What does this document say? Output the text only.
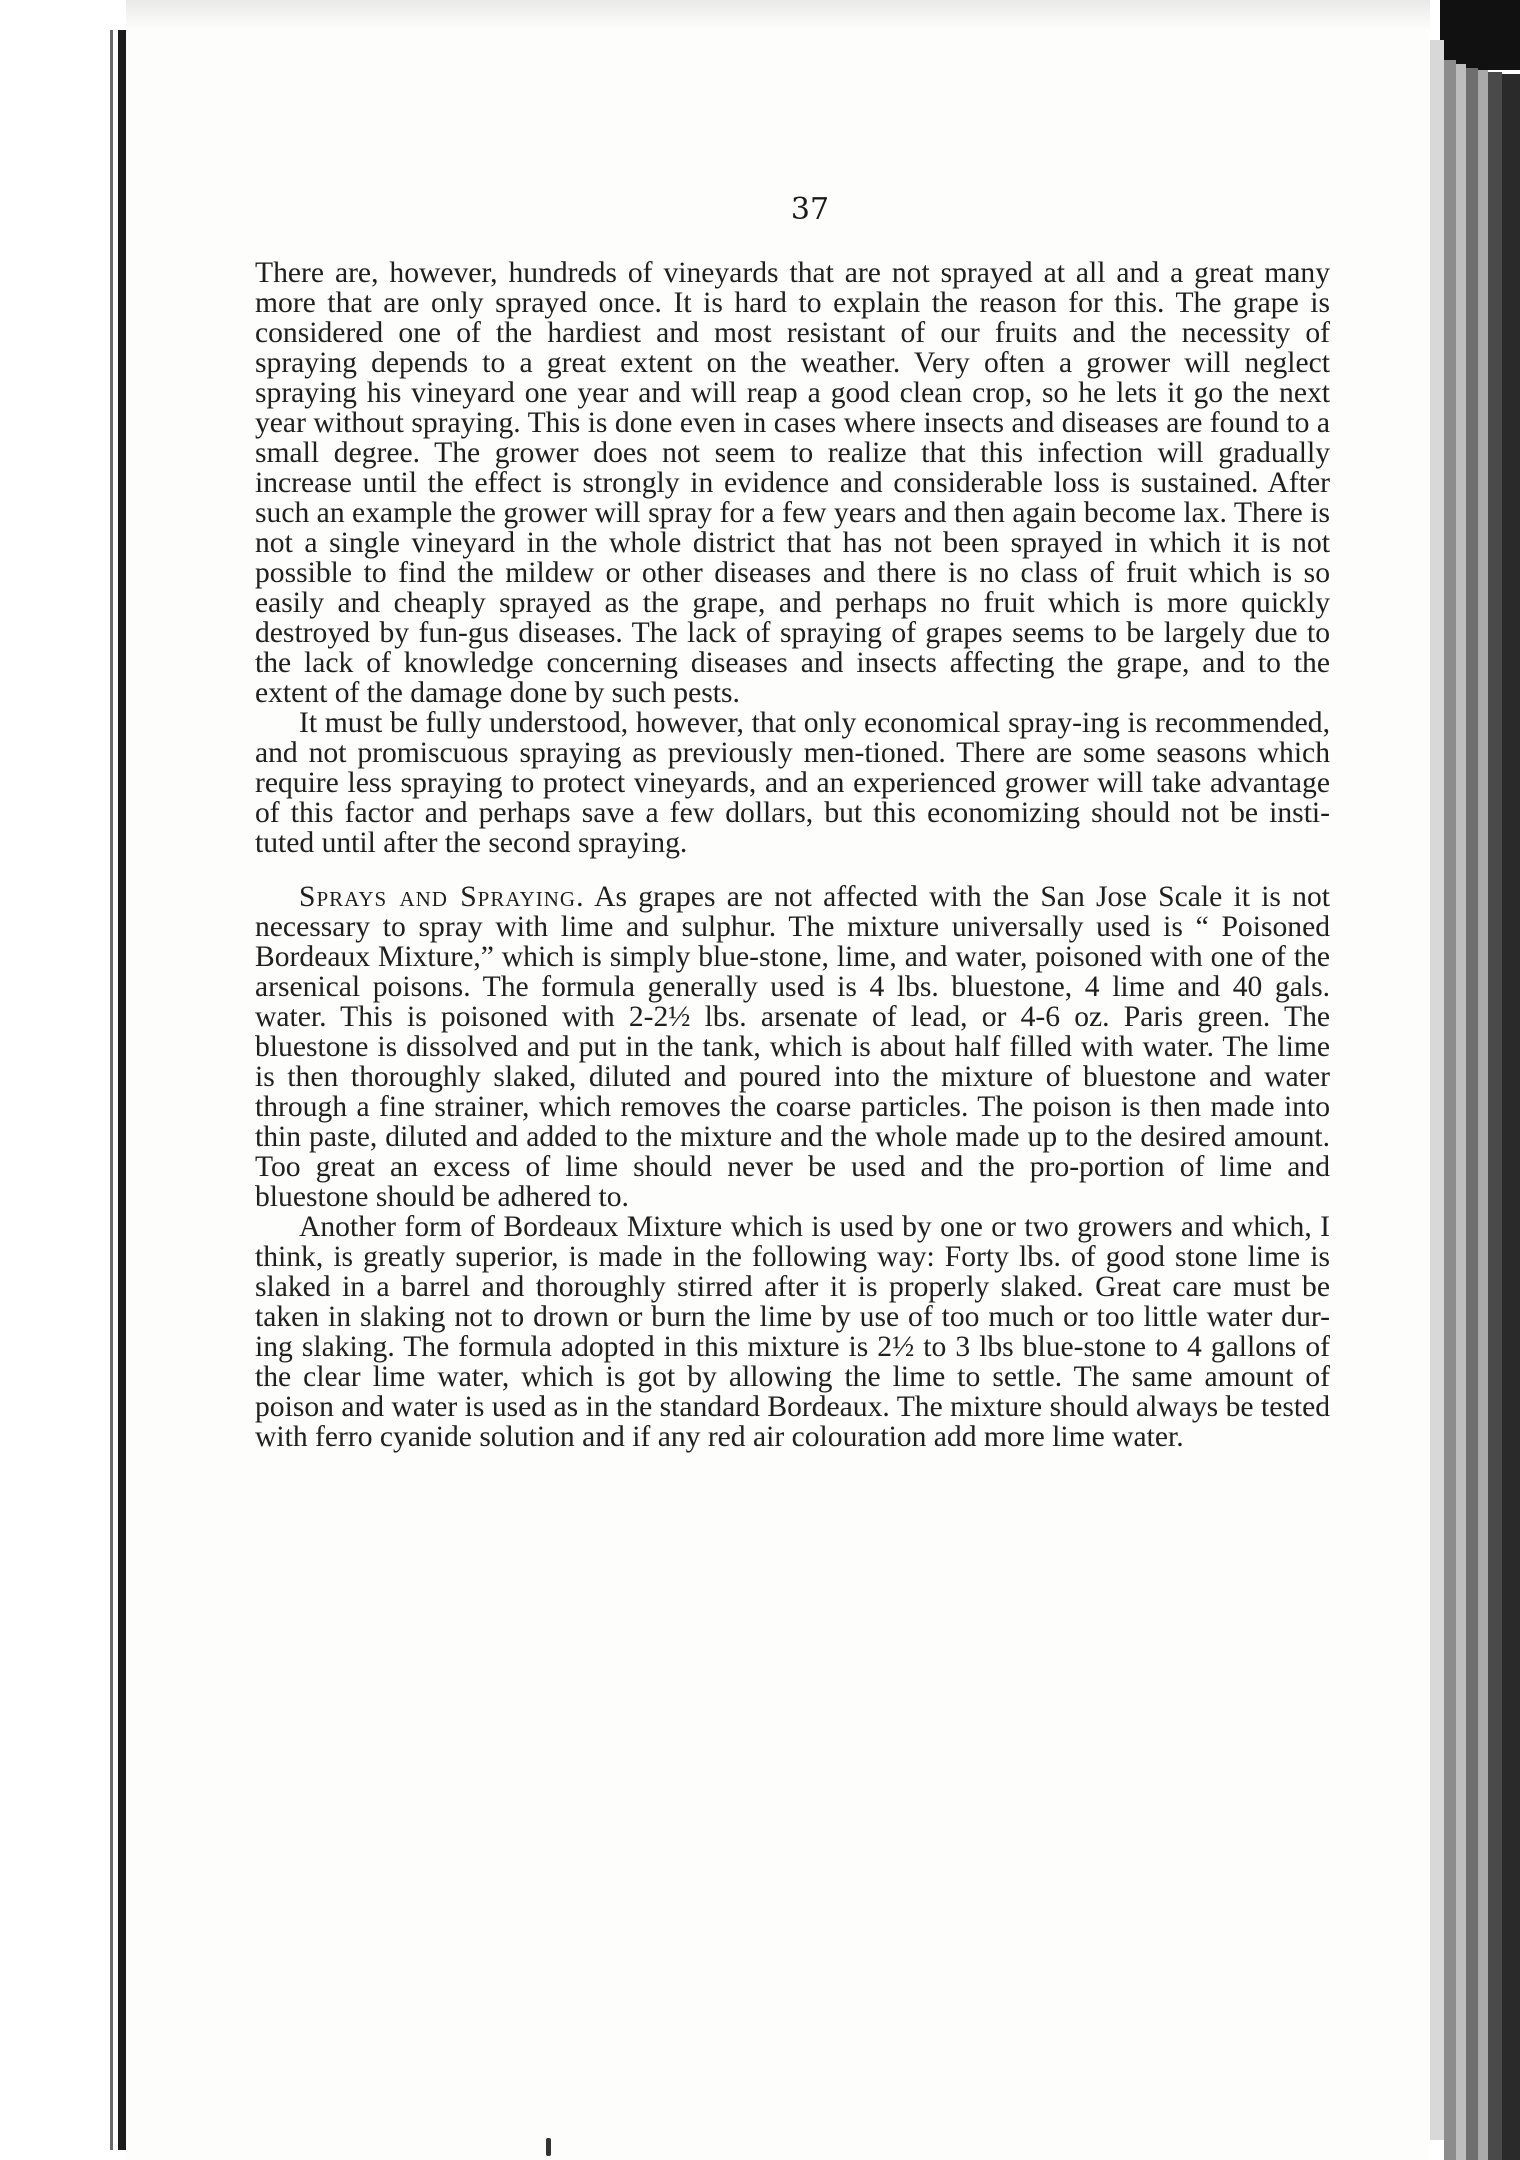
37

There are, however, hundreds of vineyards that are not sprayed at all and a great many more that are only sprayed once. It is hard to explain the reason for this. The grape is considered one of the hardiest and most resistant of our fruits and the necessity of spraying depends to a great extent on the weather. Very often a grower will neglect spraying his vineyard one year and will reap a good clean crop, so he lets it go the next year without spraying. This is done even in cases where insects and diseases are found to a small degree. The grower does not seem to realize that this infection will gradually increase until the effect is strongly in evidence and considerable loss is sustained. After such an example the grower will spray for a few years and then again become lax. There is not a single vineyard in the whole district that has not been sprayed in which it is not possible to find the mildew or other diseases and there is no class of fruit which is so easily and cheaply sprayed as the grape, and perhaps no fruit which is more quickly destroyed by fun-gus diseases. The lack of spraying of grapes seems to be largely due to the lack of knowledge concerning diseases and insects affecting the grape, and to the extent of the damage done by such pests.

It must be fully understood, however, that only economical spray-ing is recommended, and not promiscuous spraying as previously men-tioned. There are some seasons which require less spraying to protect vineyards, and an experienced grower will take advantage of this factor and perhaps save a few dollars, but this economizing should not be insti-tuted until after the second spraying.

Sprays and Spraying. As grapes are not affected with the San Jose Scale it is not necessary to spray with lime and sulphur. The mixture universally used is “ Poisoned Bordeaux Mixture,” which is simply blue-stone, lime, and water, poisoned with one of the arsenical poisons. The formula generally used is 4 lbs. bluestone, 4 lime and 40 gals. water. This is poisoned with 2-2½ lbs. arsenate of lead, or 4-6 oz. Paris green. The bluestone is dissolved and put in the tank, which is about half filled with water. The lime is then thoroughly slaked, diluted and poured into the mixture of bluestone and water through a fine strainer, which removes the coarse particles. The poison is then made into thin paste, diluted and added to the mixture and the whole made up to the desired amount. Too great an excess of lime should never be used and the pro-portion of lime and bluestone should be adhered to.

Another form of Bordeaux Mixture which is used by one or two growers and which, I think, is greatly superior, is made in the following way: Forty lbs. of good stone lime is slaked in a barrel and thoroughly stirred after it is properly slaked. Great care must be taken in slaking not to drown or burn the lime by use of too much or too little water dur-ing slaking. The formula adopted in this mixture is 2½ to 3 lbs blue-stone to 4 gallons of the clear lime water, which is got by allowing the lime to settle. The same amount of poison and water is used as in the standard Bordeaux. The mixture should always be tested with ferro cyanide solution and if any red air colouration add more lime water.
